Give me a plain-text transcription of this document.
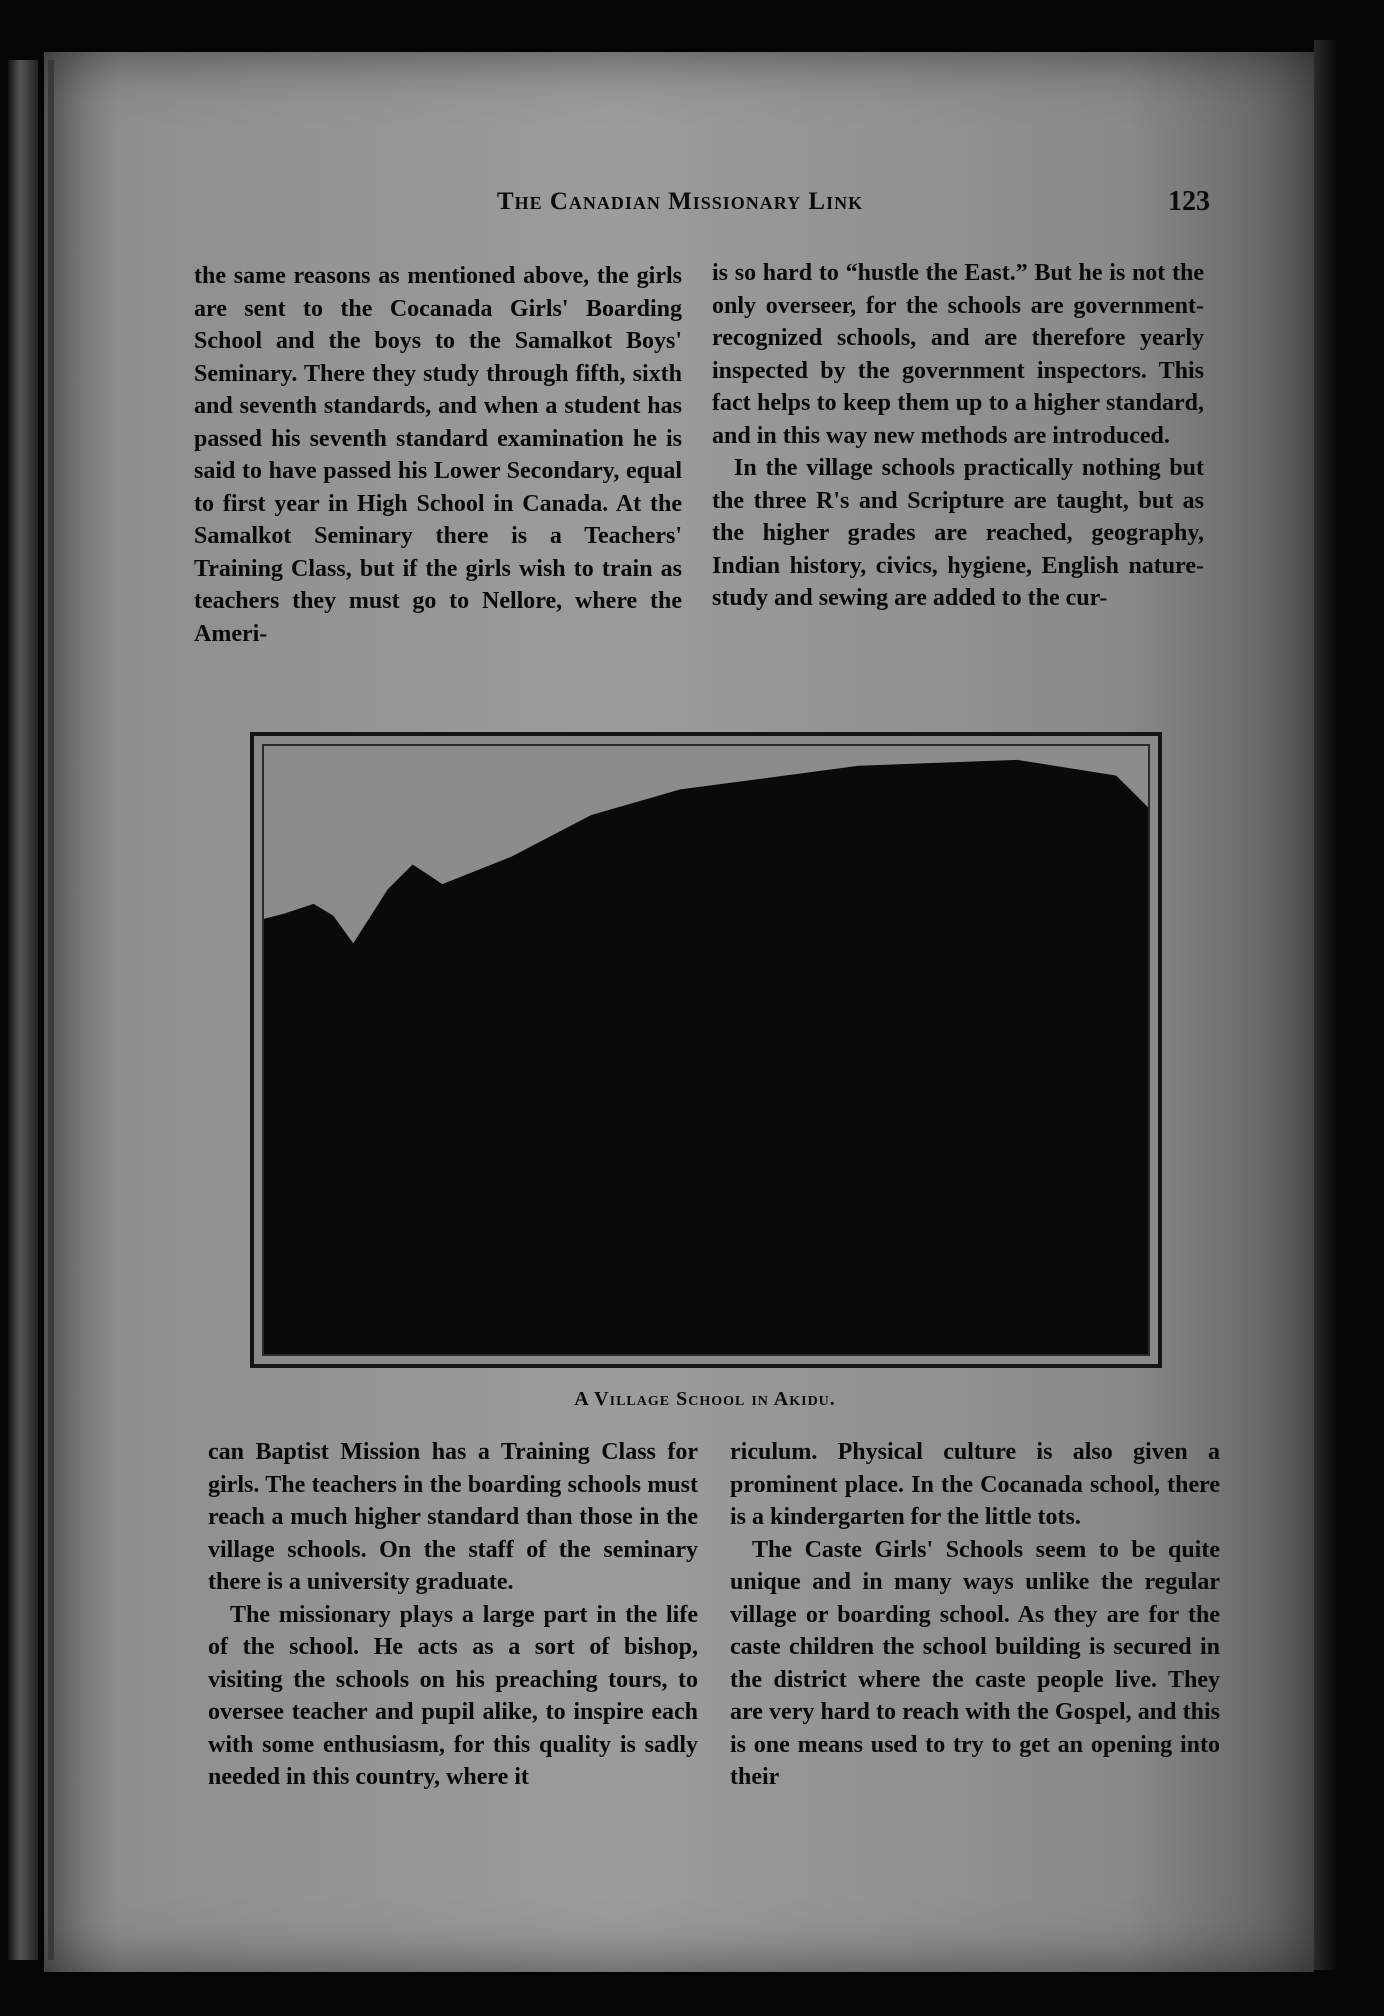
The Canadian Missionary Link	123

the same reasons as mentioned above, the girls are sent to the Cocanada Girls' Boarding School and the boys to the Samalkot Boys' Seminary. There they study through fifth, sixth and seventh standards, and when a student has passed his seventh standard examination he is said to have passed his Lower Secondary, equal to first year in High School in Canada. At the Samalkot Seminary there is a Teachers' Training Class, but if the girls wish to train as teachers they must go to Nellore, where the Ameri-

is so hard to “hustle the East.” But he is not the only overseer, for the schools are government-recognized schools, and are therefore yearly inspected by the government inspectors. This fact helps to keep them up to a higher standard, and in this way new methods are introduced.

In the village schools practically nothing but the three R's and Scripture are taught, but as the higher grades are reached, geography, Indian history, civics, hygiene, English nature-study and sewing are added to the cur-

A Village School in Akidu.

can Baptist Mission has a Training Class for girls. The teachers in the boarding schools must reach a much higher standard than those in the village schools. On the staff of the seminary there is a university graduate.

The missionary plays a large part in the life of the school. He acts as a sort of bishop, visiting the schools on his preaching tours, to oversee teacher and pupil alike, to inspire each with some enthusiasm, for this quality is sadly needed in this country, where it

riculum. Physical culture is also given a prominent place. In the Cocanada school, there is a kindergarten for the little tots.

The Caste Girls' Schools seem to be quite unique and in many ways unlike the regular village or boarding school. As they are for the caste children the school building is secured in the district where the caste people live. They are very hard to reach with the Gospel, and this is one means used to try to get an opening into their
